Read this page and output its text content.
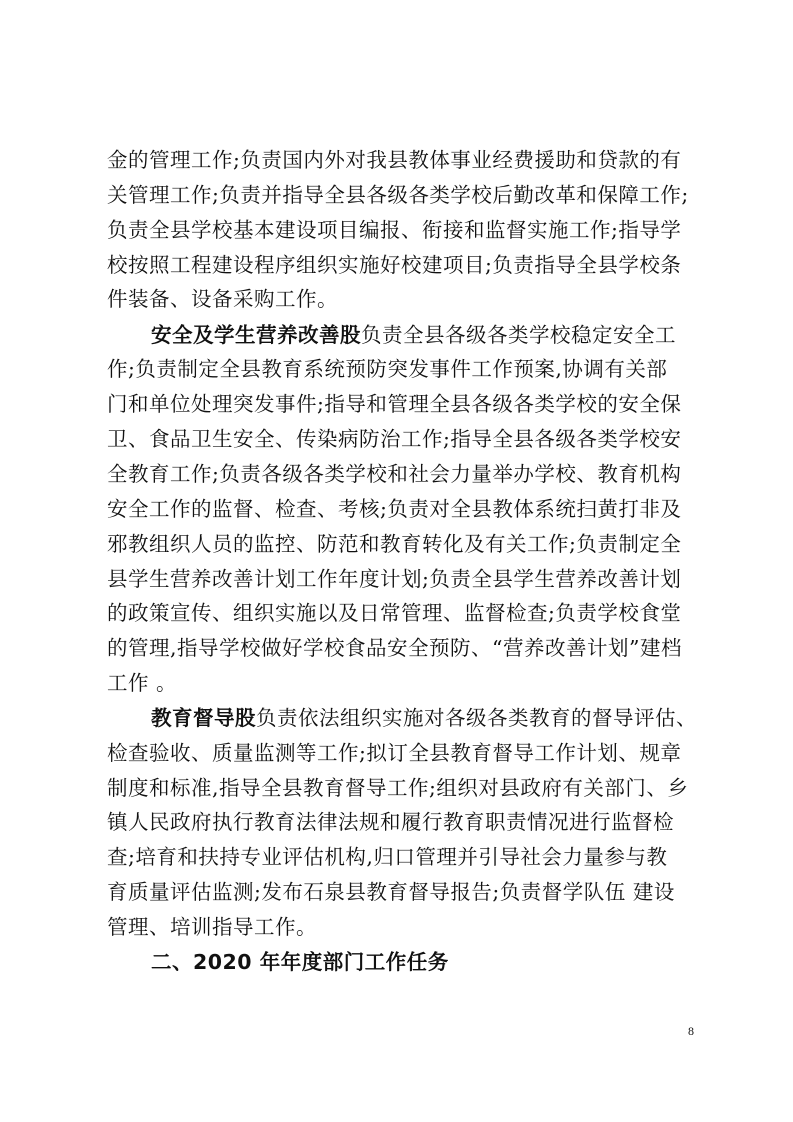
金的管理工作;负责国内外对我县教体事业经费援助和贷款的有
关管理工作;负责并指导全县各级各类学校后勤改革和保障工作;
负责全县学校基本建设项目编报、衔接和监督实施工作;指导学
校按照工程建设程序组织实施好校建项目;负责指导全县学校条
件装备、设备采购工作。
安全及学生营养改善股负责全县各级各类学校稳定安全工
作;负责制定全县教育系统预防突发事件工作预案,协调有关部
门和单位处理突发事件;指导和管理全县各级各类学校的安全保
卫、食品卫生安全、传染病防治工作;指导全县各级各类学校安
全教育工作;负责各级各类学校和社会力量举办学校、教育机构
安全工作的监督、检查、考核;负责对全县教体系统扫黄打非及
邪教组织人员的监控、防范和教育转化及有关工作;负责制定全
县学生营养改善计划工作年度计划;负责全县学生营养改善计划
的政策宣传、组织实施以及日常管理、监督检查;负责学校食堂
的管理,指导学校做好学校食品安全预防、“营养改善计划”建档
工作 。
教育督导股负责依法组织实施对各级各类教育的督导评估、
检查验收、质量监测等工作;拟订全县教育督导工作计划、规章
制度和标准,指导全县教育督导工作;组织对县政府有关部门、乡
镇人民政府执行教育法律法规和履行教育职责情况进行监督检
查;培育和扶持专业评估机构,归口管理并引导社会力量参与教
育质量评估监测;发布石泉县教育督导报告;负责督学队伍 建设
管理、培训指导工作。
二、2020 年年度部门工作任务
8
